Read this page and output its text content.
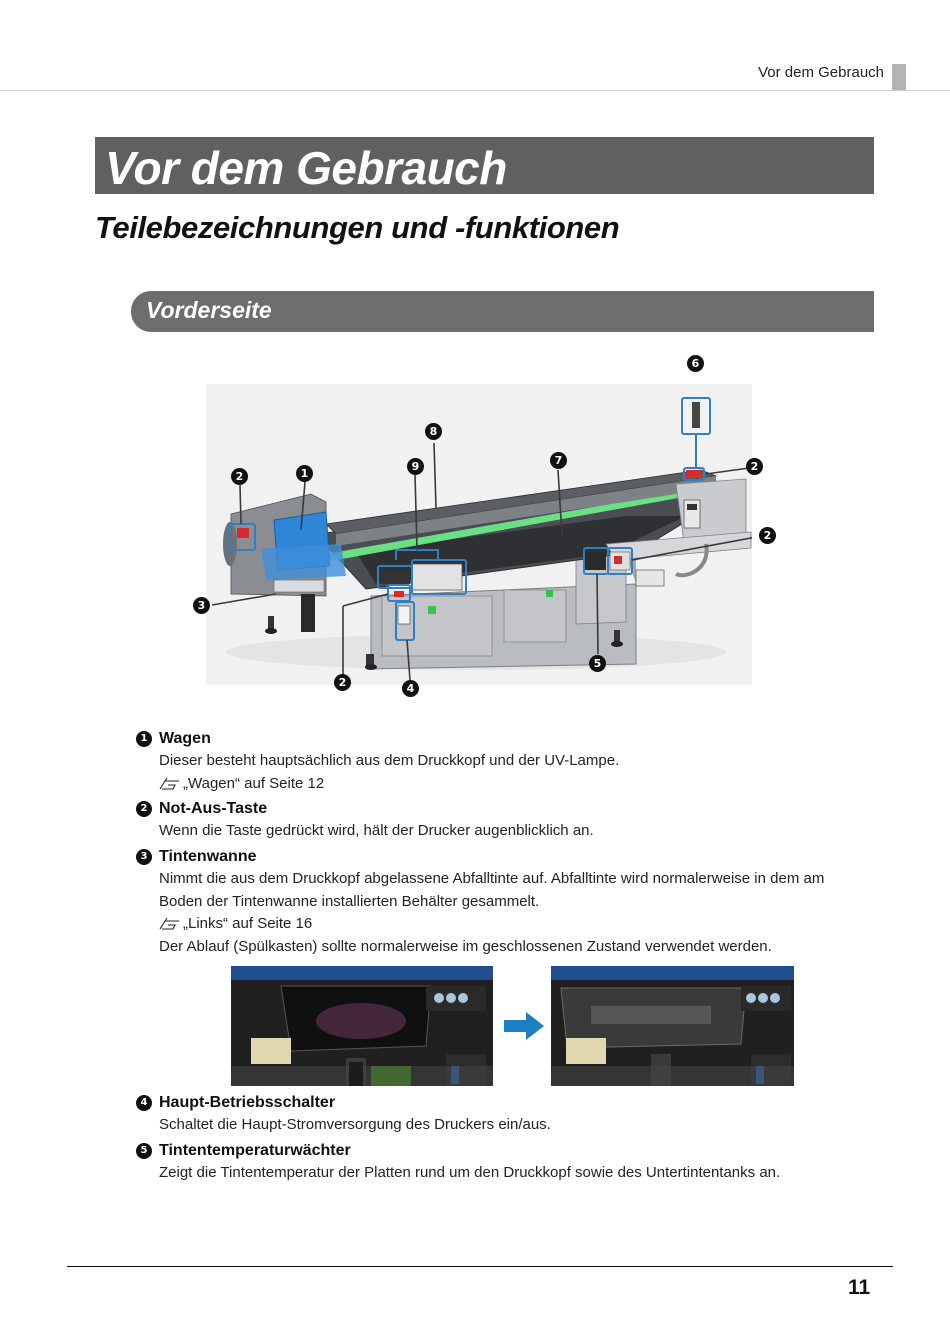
Vor dem Gebrauch
Vor dem Gebrauch
Teilebezeichnungen und -funktionen
Vorderseite
6
8
2	1
9	7	2
2
3
5
2	4
1 Wagen
Dieser besteht hauptsächlich aus dem Druckkopf und der UV-Lampe.
„Wagen“ auf Seite 12
2 Not-Aus-Taste
Wenn die Taste gedrückt wird, hält der Drucker augenblicklich an.
3 Tintenwanne
Nimmt die aus dem Druckkopf abgelassene Abfalltinte auf. Abfalltinte wird normalerweise in dem am
Boden der Tintenwanne installierten Behälter gesammelt.
„Links“ auf Seite 16
Der Ablauf (Spülkasten) sollte normalerweise im geschlossenen Zustand verwendet werden.
4 Haupt-Betriebsschalter
Schaltet die Haupt-Stromversorgung des Druckers ein/aus.
5 Tintentemperaturwächter
Zeigt die Tintentemperatur der Platten rund um den Druckkopf sowie des Untertintentanks an.
11
